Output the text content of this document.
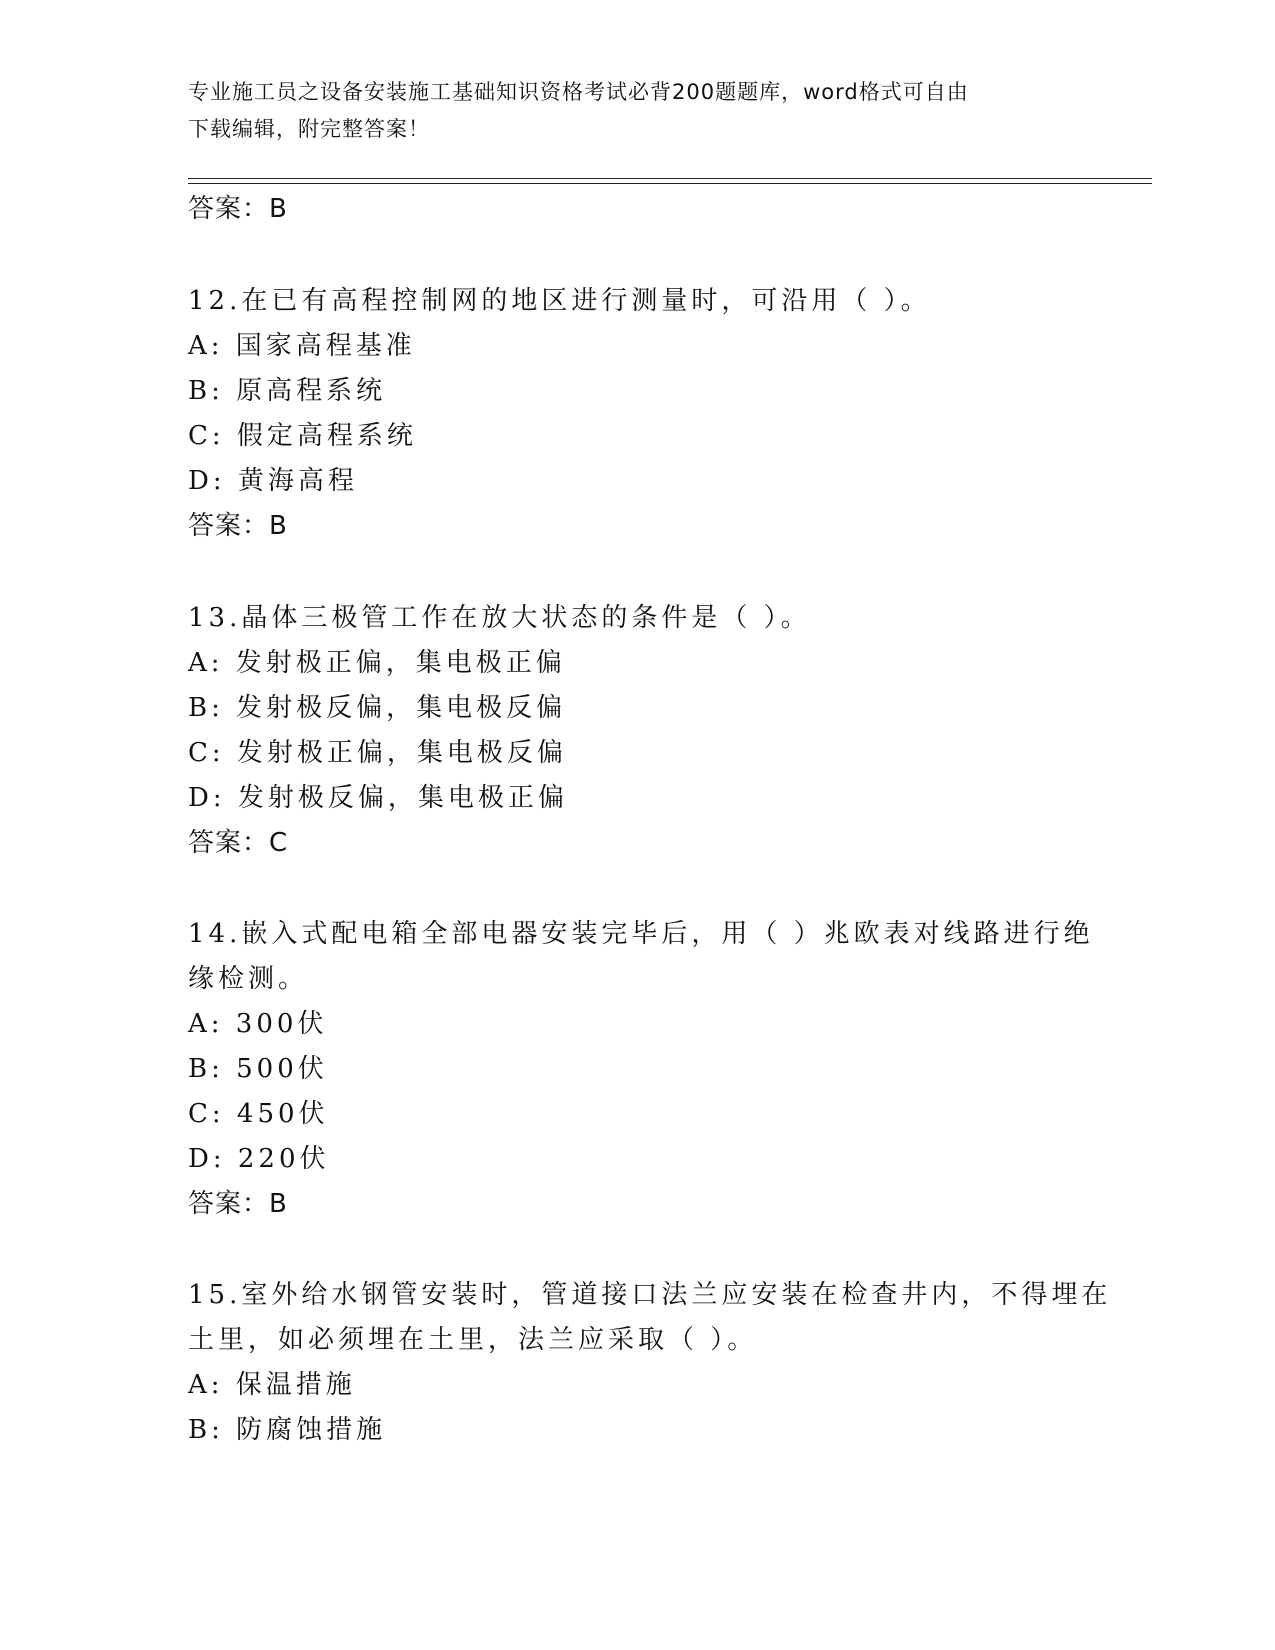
专业施工员之设备安装施工基础知识资格考试必背200题题库，word格式可自由
下载编辑，附完整答案！
答案：B
12.在已有高程控制网的地区进行测量时，可沿用（ ）。
A: 国家高程基准
B: 原高程系统
C: 假定高程系统
D: 黄海高程
答案：B
13.晶体三极管工作在放大状态的条件是（ ）。
A: 发射极正偏，集电极正偏
B: 发射极反偏，集电极反偏
C: 发射极正偏，集电极反偏
D: 发射极反偏，集电极正偏
答案：C
14.嵌入式配电箱全部电器安装完毕后，用（ ）兆欧表对线路进行绝
缘检测。
A: 300伏
B: 500伏
C: 450伏
D: 220伏
答案：B
15.室外给水钢管安装时，管道接口法兰应安装在检查井内，不得埋在
土里，如必须埋在土里，法兰应采取（ ）。
A: 保温措施
B: 防腐蚀措施
